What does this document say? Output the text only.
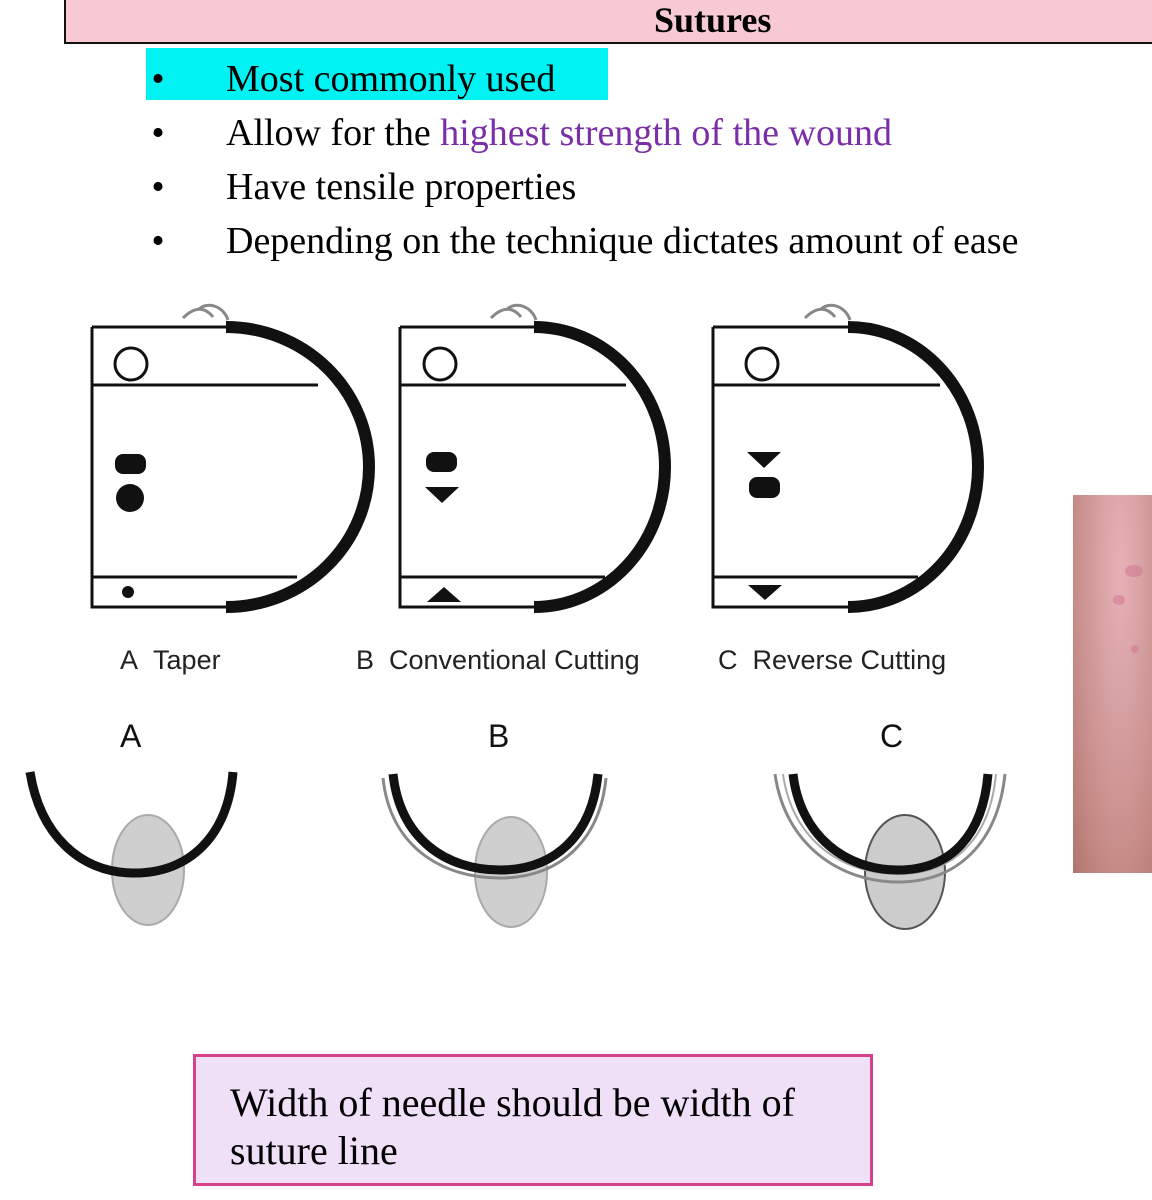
Sutures
• Most commonly used
• Allow for the highest strength of the wound
• Have tensile properties
• Depending on the technique dictates amount of ease
A Taper	B Conventional Cutting	C Reverse Cutting
A	B	C
Width of needle should be width of suture line
